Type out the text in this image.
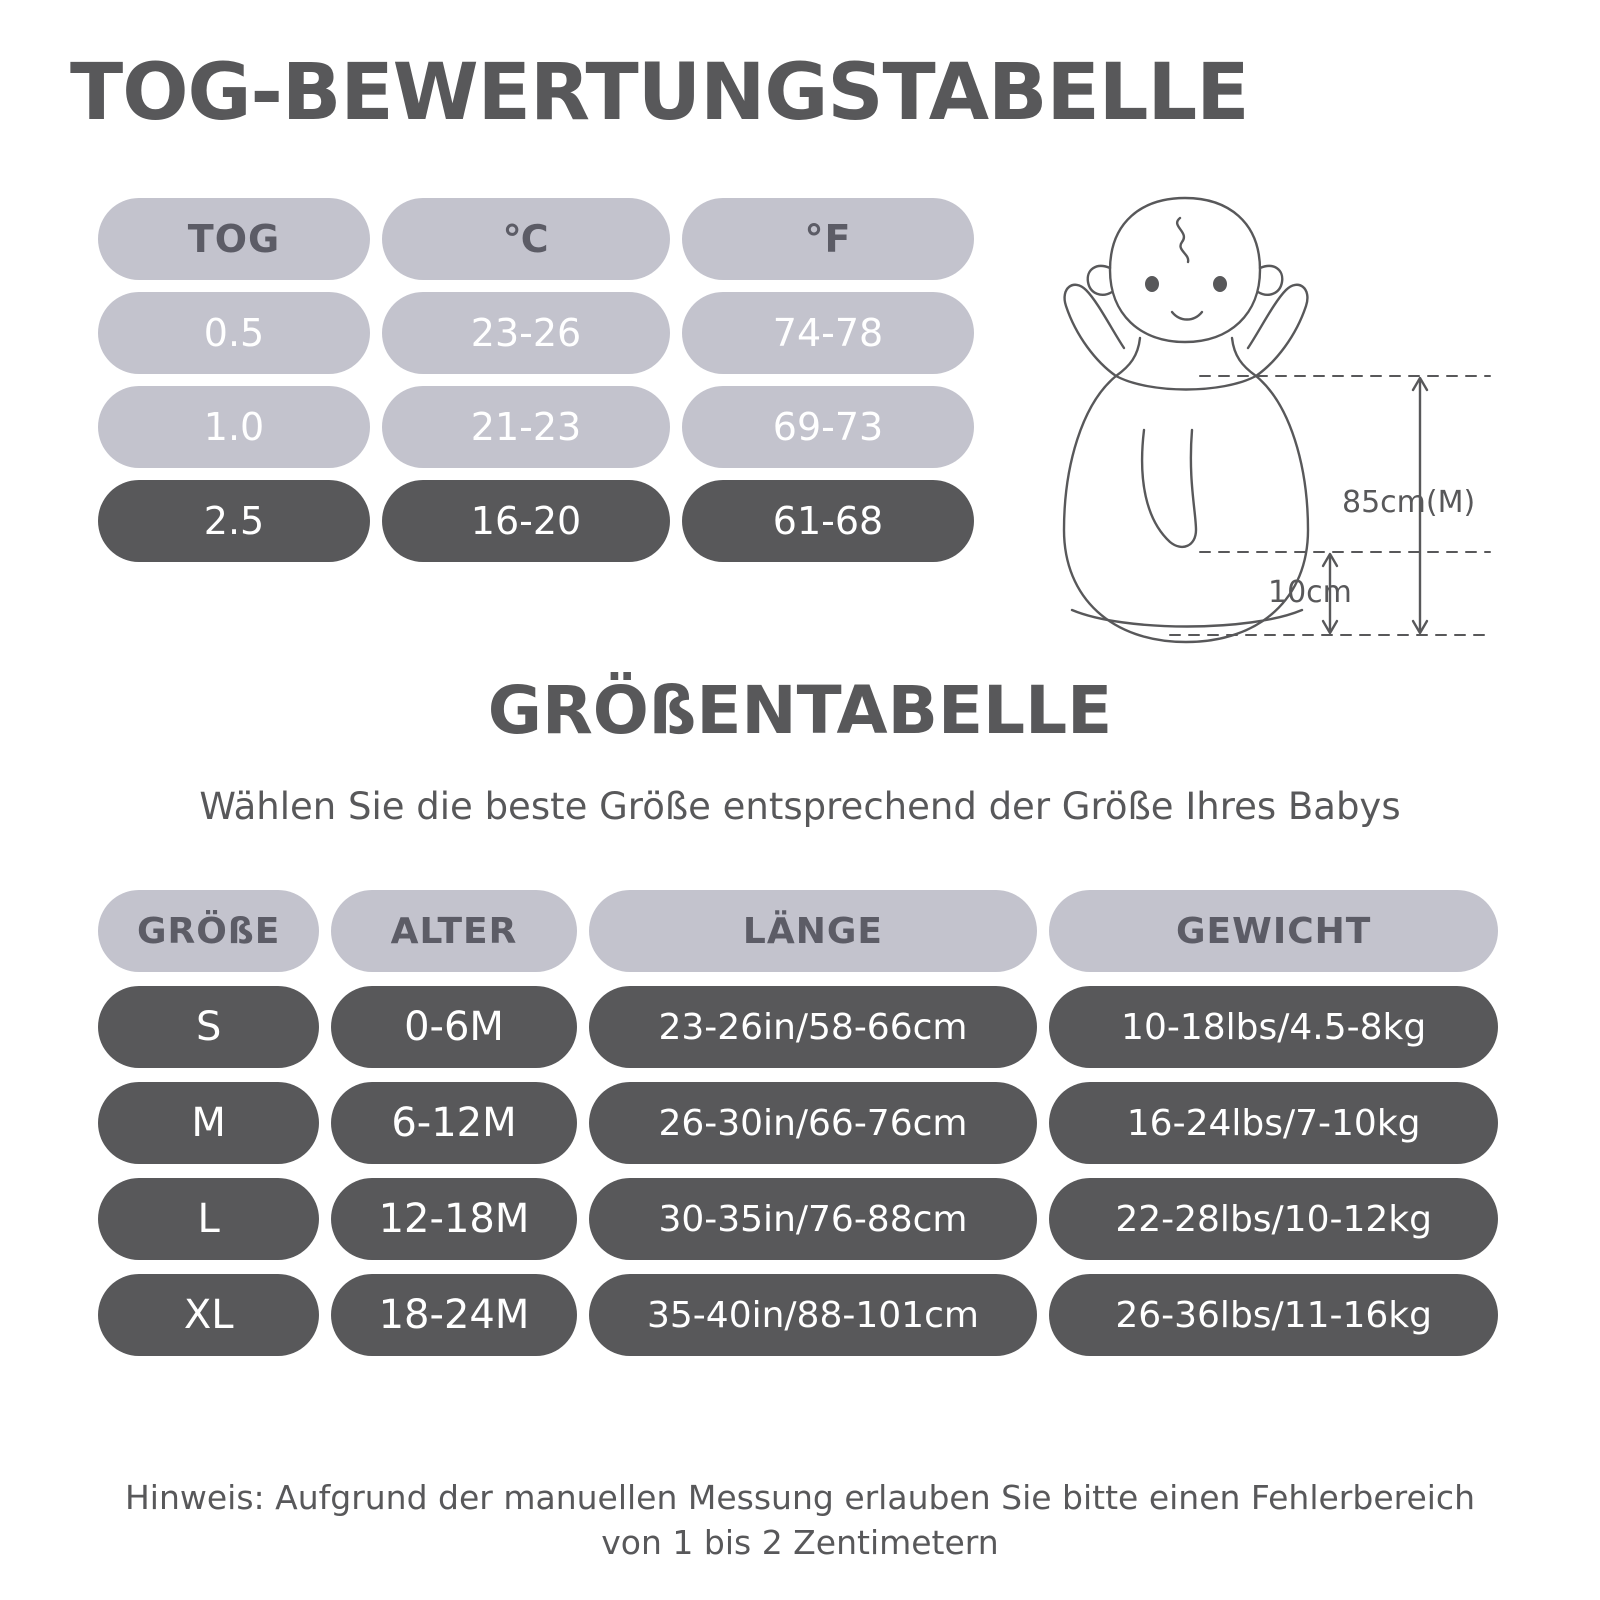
TOG-BEWERTUNGSTABELLE
TOG	℃	°F
0.5	23-26	74-78
1.0	21-23	69-73
2.5	16-20	61-68	85cm(M)
10cm
GRÖßENTABELLE
Wählen Sie die beste Größe entsprechend der Größe Ihres Babys
GRÖßE	ALTER	LÄNGE	GEWICHT
S	0-6M	23-26in/58-66cm	10-18lbs/4.5-8kg
M	6-12M	26-30in/66-76cm	16-24lbs/7-10kg
L	12-18M	30-35in/76-88cm	22-28lbs/10-12kg
XL	18-24M	35-40in/88-101cm	26-36lbs/11-16kg
Hinweis: Aufgrund der manuellen Messung erlauben Sie bitte einen Fehlerbereich
von 1 bis 2 Zentimetern
